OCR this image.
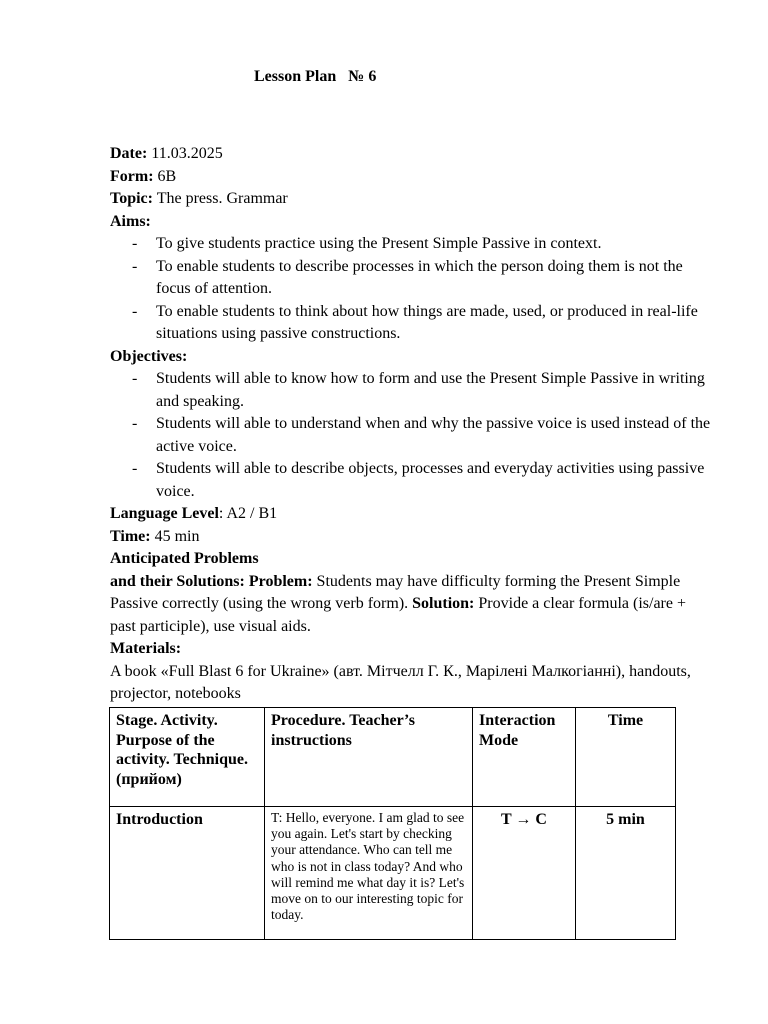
Lesson Plan   № 6

Date: 11.03.2025

Form: 6B

Topic: The press. Grammar

Aims:

- To give students practice using the Present Simple Passive in context.
- To enable students to describe processes in which the person doing them is not the focus of attention.
- To enable students to think about how things are made, used, or produced in real-life situations using passive constructions.

Objectives:

- Students will able to know how to form and use the Present Simple Passive in writing and speaking.
- Students will able to understand when and why the passive voice is used instead of the active voice.
- Students will able to describe objects, processes and everyday activities using passive voice.

Language Level: A2 / B1

Time: 45 min

Anticipated Problems

and their Solutions: Problem: Students may have difficulty forming the Present Simple Passive correctly (using the wrong verb form). Solution: Provide a clear formula (is/are + past participle), use visual aids.

Materials:

A book «Full Blast 6 for Ukraine» (авт. Мітчелл Г. К., Марілені Малкогіанні), handouts, projector, notebooks

Stage. Activity. Purpose of the activity. Technique. (прийом)	Procedure. Teacher’s instructions	Interaction Mode	Time
Introduction	T: Hello, everyone. I am glad to see you again. Let's start by checking your attendance. Who can tell me who is not in class today? And who will remind me what day it is? Let's move on to our interesting topic for today.	T → C	5 min
